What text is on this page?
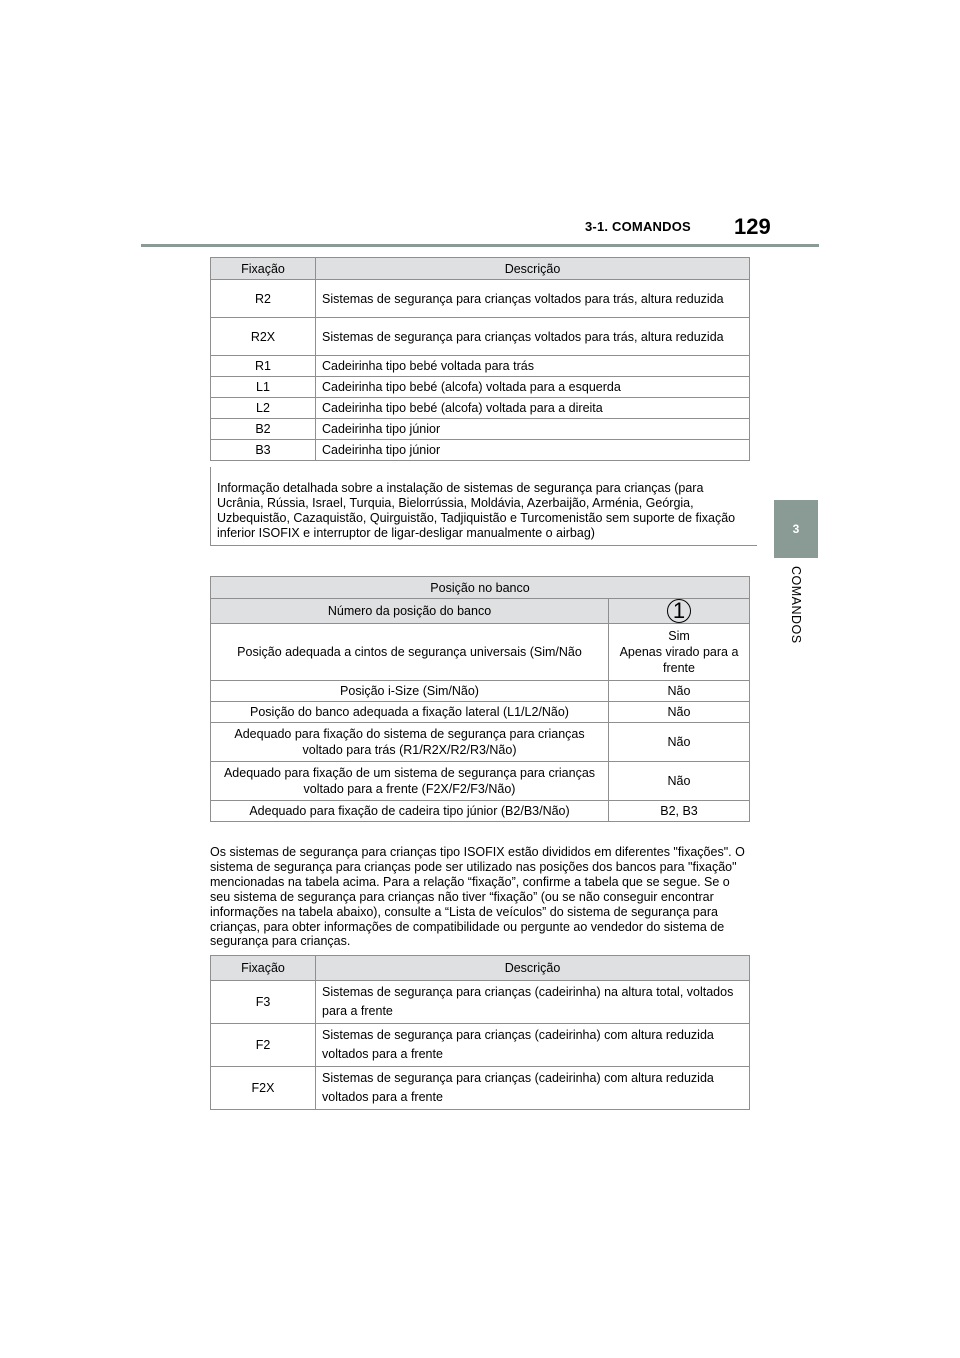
3-1. COMANDOS 129
3
COMANDOS
Fixação	Descrição
R2	Sistemas de segurança para crianças voltados para trás, altura reduzida
R2X	Sistemas de segurança para crianças voltados para trás, altura reduzida
R1	Cadeirinha tipo bebé voltada para trás
L1	Cadeirinha tipo bebé (alcofa) voltada para a esquerda
L2	Cadeirinha tipo bebé (alcofa) voltada para a direita
B2	Cadeirinha tipo júnior
B3	Cadeirinha tipo júnior
Informação detalhada sobre a instalação de sistemas de segurança para crianças (para Ucrânia, Rússia, Israel, Turquia, Bielorrússia, Moldávia, Azerbaijão, Arménia, Geórgia, Uzbequistão, Cazaquistão, Quirguistão, Tadjiquistão e Turcomenistão sem suporte de fixação inferior ISOFIX e interruptor de ligar-desligar manualmente o airbag)
Posição no banco	
Número da posição do banco	1
Posição adequada a cintos de segurança universais (Sim/Não	Sim
Apenas virado para a frente
Posição i-Size (Sim/Não)	Não
Posição do banco adequada a fixação lateral (L1/L2/Não)	Não
Adequado para fixação do sistema de segurança para crianças voltado para trás (R1/R2X/R2/R3/Não)	Não
Adequado para fixação de um sistema de segurança para crianças voltado para a frente (F2X/F2/F3/Não)	Não
Adequado para fixação de cadeira tipo júnior (B2/B3/Não)	B2, B3
Os sistemas de segurança para crianças tipo ISOFIX estão divididos em diferentes "fixações". O sistema de segurança para crianças pode ser utilizado nas posições dos bancos para "fixação" mencionadas na tabela acima. Para a relação “fixação”, confirme a tabela que se segue. Se o seu sistema de segurança para crianças não tiver “fixação” (ou se não conseguir encontrar informações na tabela abaixo), consulte a “Lista de veículos” do sistema de segurança para crianças, para obter informações de compatibilidade ou pergunte ao vendedor do sistema de segurança para crianças.
Fixação	Descrição
F3	Sistemas de segurança para crianças (cadeirinha) na altura total, voltados para a frente
F2	Sistemas de segurança para crianças (cadeirinha) com altura reduzida voltados para a frente
F2X	Sistemas de segurança para crianças (cadeirinha) com altura reduzida voltados para a frente
